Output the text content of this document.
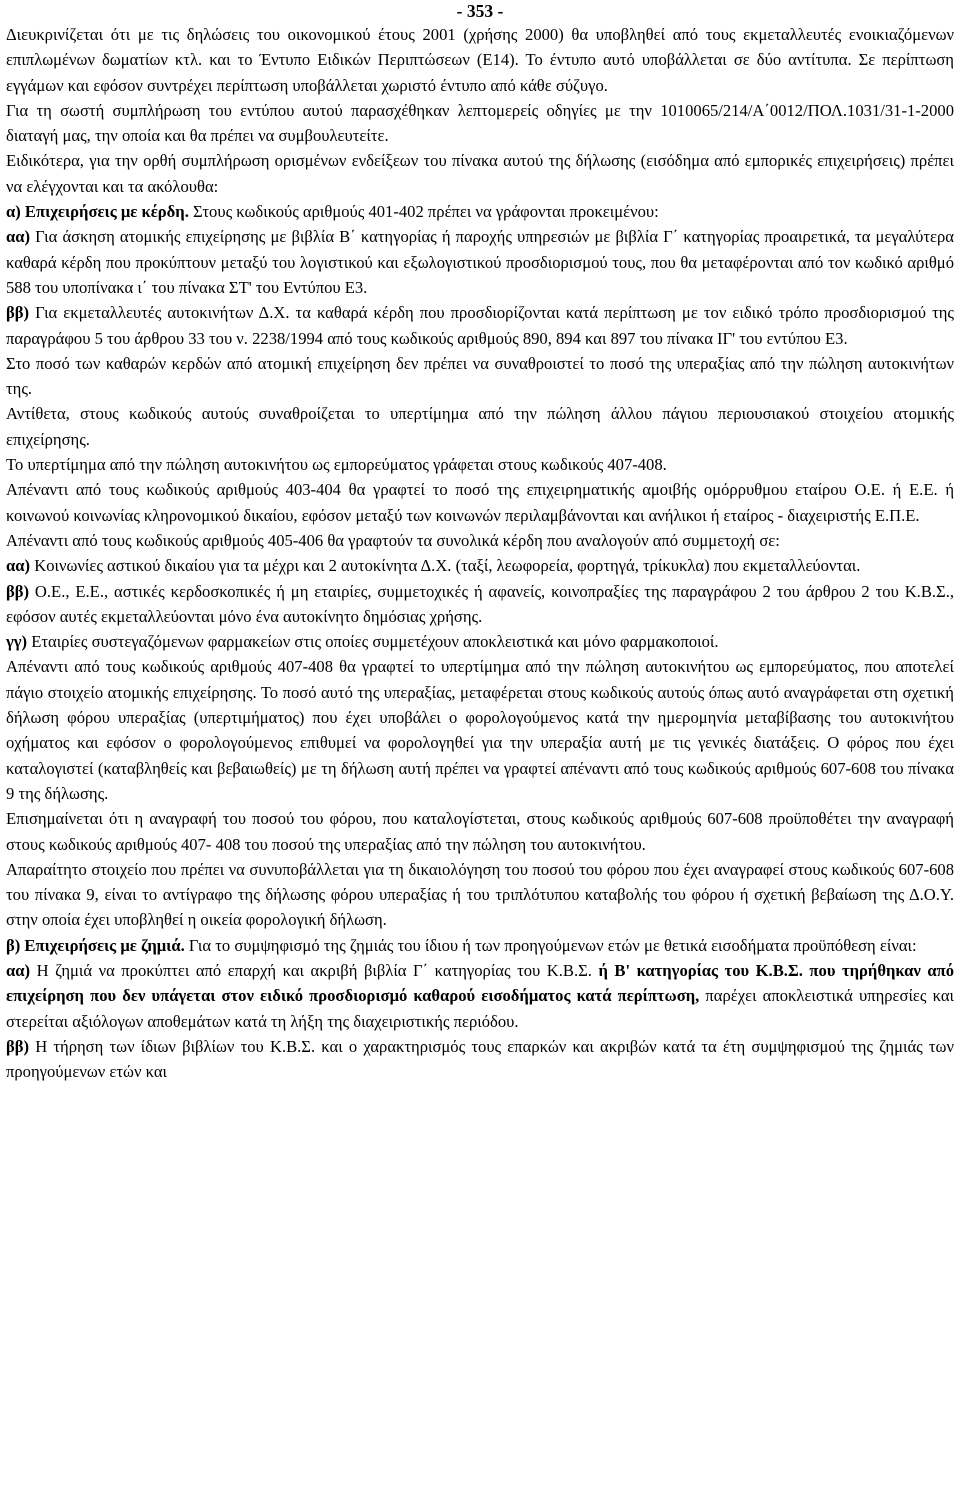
- 353 -

Διευκρινίζεται ότι με τις δηλώσεις του οικονομικού έτους 2001 (χρήσης 2000) θα υποβληθεί από τους εκμεταλλευτές ενοικιαζόμενων επιπλωμένων δωματίων κτλ. και το Έντυπο Ειδικών Περιπτώσεων (Ε14). Το έντυπο αυτό υποβάλλεται σε δύο αντίτυπα. Σε περίπτωση εγγάμων και εφόσον συντρέχει περίπτωση υποβάλλεται χωριστό έντυπο από κάθε σύζυγο.

Για τη σωστή συμπλήρωση του εντύπου αυτού παρασχέθηκαν λεπτομερείς οδηγίες με την 1010065/214/Α΄0012/ΠΟΛ.1031/31-1-2000 διαταγή μας, την οποία και θα πρέπει να συμβουλευτείτε.

Ειδικότερα, για την ορθή συμπλήρωση ορισμένων ενδείξεων του πίνακα αυτού της δήλωσης (εισόδημα από εμπορικές επιχειρήσεις) πρέπει να ελέγχονται και τα ακόλουθα:

α) Επιχειρήσεις με κέρδη. Στους κωδικούς αριθμούς 401-402 πρέπει να γράφονται προκειμένου:

αα) Για άσκηση ατομικής επιχείρησης με βιβλία Β΄ κατηγορίας ή παροχής υπηρεσιών με βιβλία Γ΄ κατηγορίας προαιρετικά, τα μεγαλύτερα καθαρά κέρδη που προκύπτουν μεταξύ του λογιστικού και εξωλογιστικού προσδιορισμού τους, που θα μεταφέρονται από τον κωδικό αριθμό 588 του υποπίνακα ι΄ του πίνακα ΣΤ' του Εντύπου Ε3.

ββ) Για εκμεταλλευτές αυτοκινήτων Δ.Χ. τα καθαρά κέρδη που προσδιορίζονται κατά περίπτωση με τον ειδικό τρόπο προσδιορισμού της παραγράφου 5 του άρθρου 33 του ν. 2238/1994 από τους κωδικούς αριθμούς 890, 894 και 897 του πίνακα ΙΓ' του εντύπου Ε3.

Στο ποσό των καθαρών κερδών από ατομική επιχείρηση δεν πρέπει να συναθροιστεί το ποσό της υπεραξίας από την πώληση αυτοκινήτων της.

Αντίθετα, στους κωδικούς αυτούς συναθροίζεται το υπερτίμημα από την πώληση άλλου πάγιου περιουσιακού στοιχείου ατομικής επιχείρησης.

Το υπερτίμημα από την πώληση αυτοκινήτου ως εμπορεύματος γράφεται στους κωδικούς 407-408.

Απέναντι από τους κωδικούς αριθμούς 403-404 θα γραφτεί το ποσό της επιχειρηματικής αμοιβής ομόρρυθμου εταίρου Ο.Ε. ή Ε.Ε. ή κοινωνού κοινωνίας κληρονομικού δικαίου, εφόσον μεταξύ των κοινωνών περιλαμβάνονται και ανήλικοι ή εταίρος - διαχειριστής Ε.Π.Ε.

Απέναντι από τους κωδικούς αριθμούς 405-406 θα γραφτούν τα συνολικά κέρδη που αναλογούν από συμμετοχή σε:

αα) Κοινωνίες αστικού δικαίου για τα μέχρι και 2 αυτοκίνητα Δ.Χ. (ταξί, λεωφορεία, φορτηγά, τρίκυκλα) που εκμεταλλεύονται.

ββ) Ο.Ε., Ε.Ε., αστικές κερδοσκοπικές ή μη εταιρίες, συμμετοχικές ή αφανείς, κοινοπραξίες της παραγράφου 2 του άρθρου 2 του Κ.Β.Σ., εφόσον αυτές εκμεταλλεύονται μόνο ένα αυτοκίνητο δημόσιας χρήσης.

γγ) Εταιρίες συστεγαζόμενων φαρμακείων στις οποίες συμμετέχουν αποκλειστικά και μόνο φαρμακοποιοί.

Απέναντι από τους κωδικούς αριθμούς 407-408 θα γραφτεί το υπερτίμημα από την πώληση αυτοκινήτου ως εμπορεύματος, που αποτελεί πάγιο στοιχείο ατομικής επιχείρησης. Το ποσό αυτό της υπεραξίας, μεταφέρεται στους κωδικούς αυτούς όπως αυτό αναγράφεται στη σχετική δήλωση φόρου υπεραξίας (υπερτιμήματος) που έχει υποβάλει ο φορολογούμενος κατά την ημερομηνία μεταβίβασης του αυτοκινήτου οχήματος και εφόσον ο φορολογούμενος επιθυμεί να φορολογηθεί για την υπεραξία αυτή με τις γενικές διατάξεις. Ο φόρος που έχει καταλογιστεί (καταβληθείς και βεβαιωθείς) με τη δήλωση αυτή πρέπει να γραφτεί απέναντι από τους κωδικούς αριθμούς 607-608 του πίνακα 9 της δήλωσης.

Επισημαίνεται ότι η αναγραφή του ποσού του φόρου, που καταλογίστεται, στους κωδικούς αριθμούς 607-608 προϋποθέτει την αναγραφή στους κωδικούς αριθμούς 407- 408 του ποσού της υπεραξίας από την πώληση του αυτοκινήτου.

Απαραίτητο στοιχείο που πρέπει να συνυποβάλλεται για τη δικαιολόγηση του ποσού του φόρου που έχει αναγραφεί στους κωδικούς 607-608 του πίνακα 9, είναι το αντίγραφο της δήλωσης φόρου υπεραξίας ή του τριπλότυπου καταβολής του φόρου ή σχετική βεβαίωση της Δ.Ο.Υ. στην οποία έχει υποβληθεί η οικεία φορολογική δήλωση.

β) Επιχειρήσεις με ζημιά. Για το συμψηφισμό της ζημιάς του ίδιου ή των προηγούμενων ετών με θετικά εισοδήματα προϋπόθεση είναι:

αα) Η ζημιά να προκύπτει από επαρχή και ακριβή βιβλία Γ΄ κατηγορίας του Κ.Β.Σ. ή Β' κατηγορίας του Κ.Β.Σ. που τηρήθηκαν από επιχείρηση που δεν υπάγεται στον ειδικό προσδιορισμό καθαρού εισοδήματος κατά περίπτωση, παρέχει αποκλειστικά υπηρεσίες και στερείται αξιόλογων αποθεμάτων κατά τη λήξη της διαχειριστικής περιόδου.

ββ) Η τήρηση των ίδιων βιβλίων του Κ.Β.Σ. και ο χαρακτηρισμός τους επαρκών και ακριβών κατά τα έτη συμψηφισμού της ζημιάς των προηγούμενων ετών και
